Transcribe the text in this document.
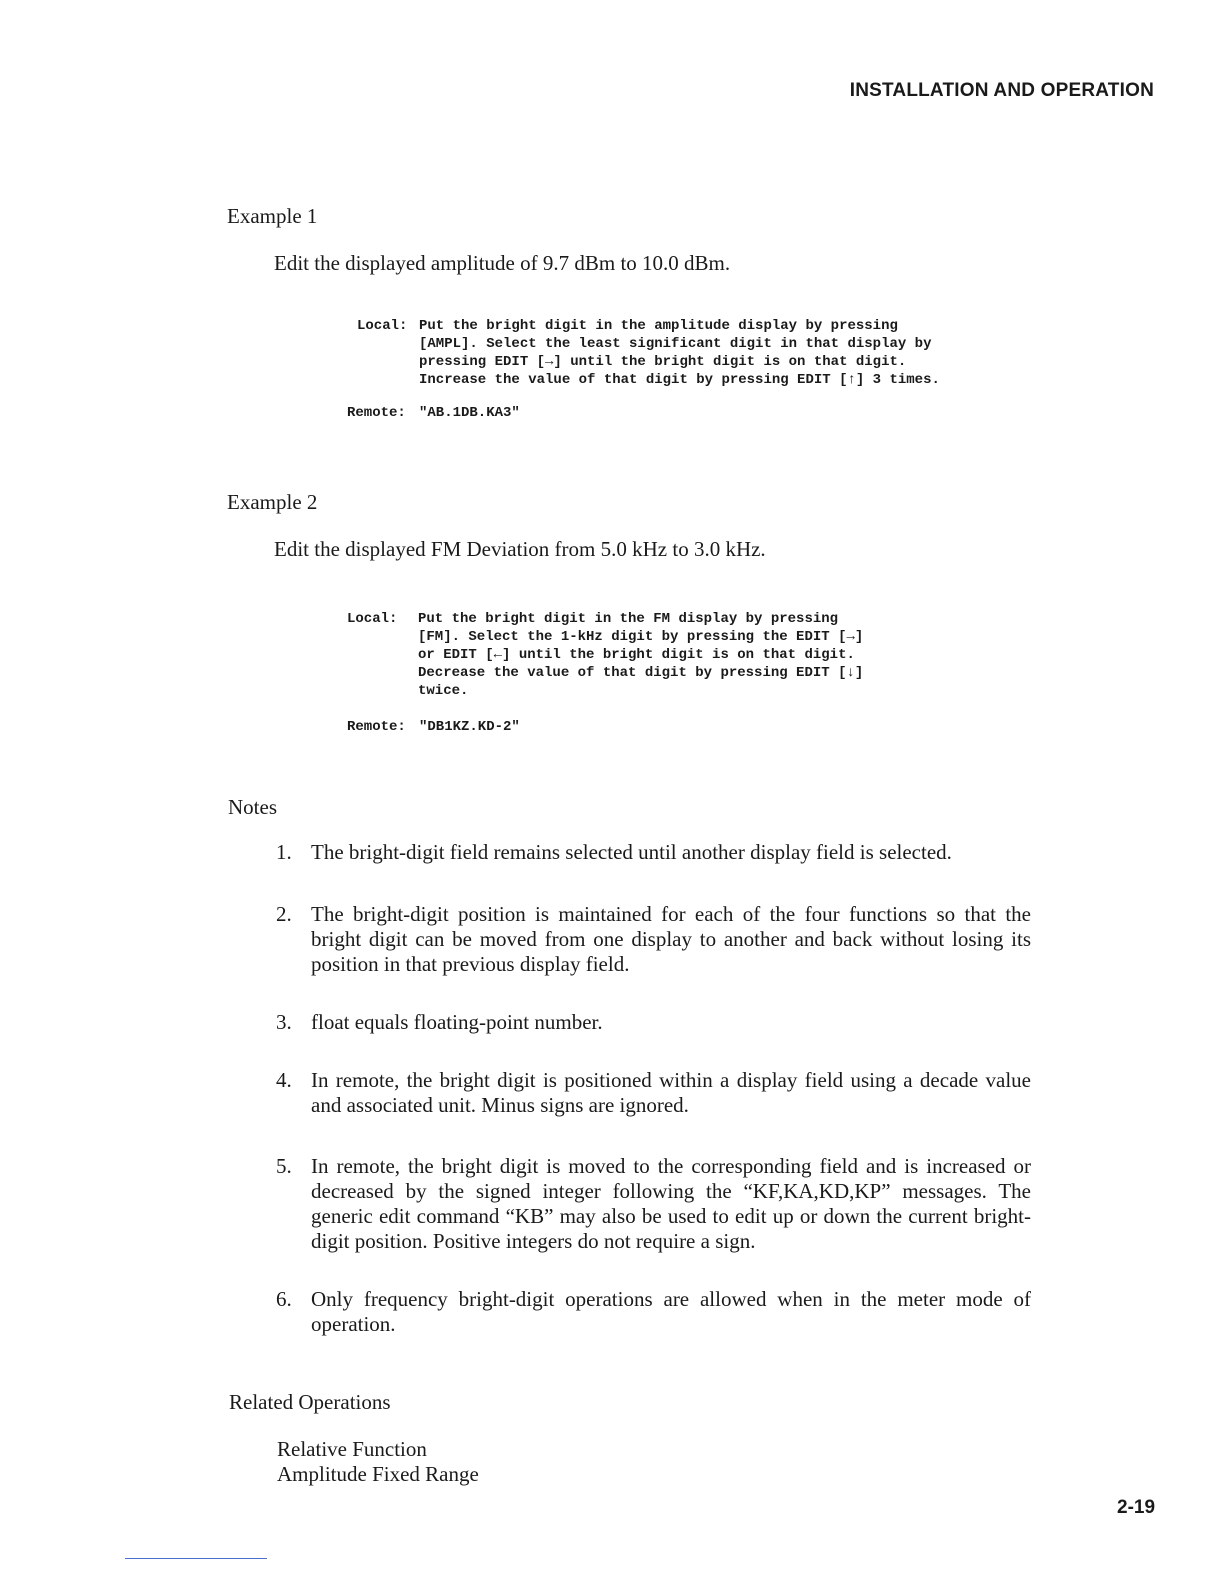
INSTALLATION AND OPERATION
Example 1
Edit the displayed amplitude of 9.7 dBm to 10.0 dBm.
Local: Put the bright digit in the amplitude display by pressing
[AMPL]. Select the least significant digit in that display by
pressing EDIT [→] until the bright digit is on that digit.
Increase the value of that digit by pressing EDIT [↑] 3 times.
Remote: "AB.1DB.KA3"
Example 2
Edit the displayed FM Deviation from 5.0 kHz to 3.0 kHz.
Local:	Put the bright digit in the FM display by pressing
[FM]. Select the 1-kHz digit by pressing the EDIT [→]
or EDIT [←] until the bright digit is on that digit.
Decrease the value of that digit by pressing EDIT [↓]
twice.
Remote: "DB1KZ.KD-2"
Notes
1. The bright-digit field remains selected until another display field is selected.
2. The bright-digit position is maintained for each of the four functions so that the bright digit can be moved from one display to another and back without losing its position in that previous display field.
3. float equals floating-point number.
4. In remote, the bright digit is positioned within a display field using a decade value and associated unit. Minus signs are ignored.
5. In remote, the bright digit is moved to the corresponding field and is increased or decreased by the signed integer following the “KF,KA,KD,KP” messages. The generic edit command “KB” may also be used to edit up or down the current bright-digit position. Positive integers do not require a sign.
6. Only frequency bright-digit operations are allowed when in the meter mode of operation.
Related Operations
Relative Function
Amplitude Fixed Range
2-19
